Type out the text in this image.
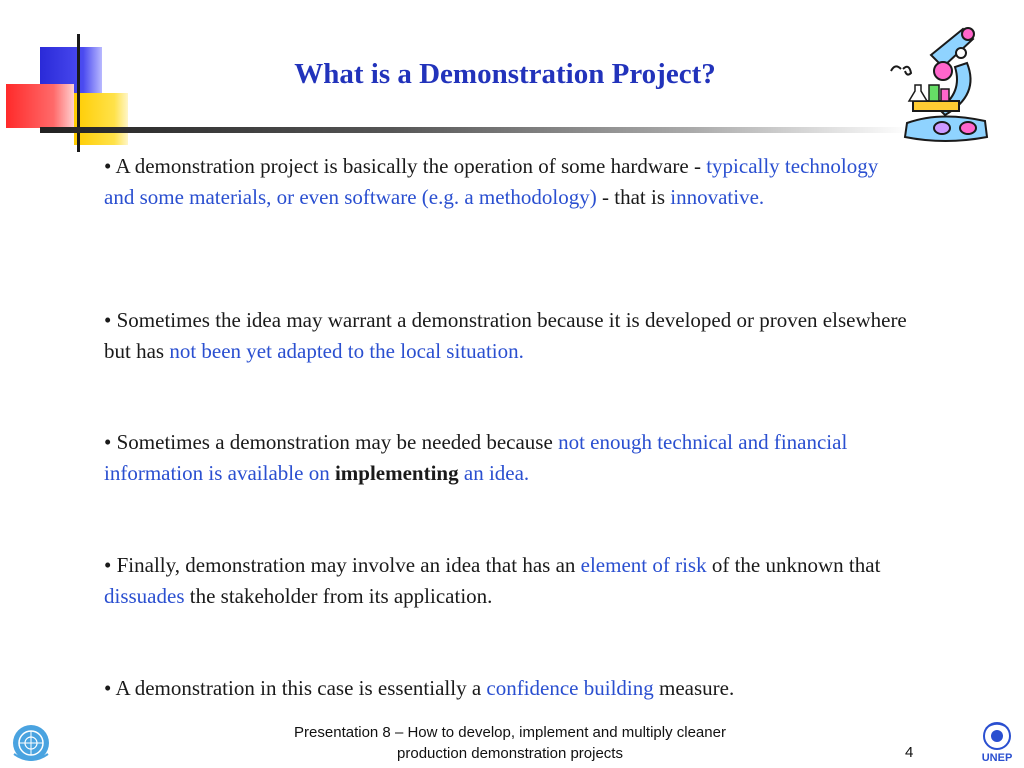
What is a Demonstration Project?
• A demonstration project is basically the operation of some hardware - typically technology and some materials, or even software (e.g. a methodology) - that is innovative.
• Sometimes the idea may warrant a demonstration because it is developed or proven elsewhere but has not been yet adapted to the local situation.
• Sometimes a demonstration may be needed because not enough technical and financial information is available on implementing an idea.
• Finally, demonstration may involve an idea that has an element of risk of the unknown that dissuades the stakeholder from its application.
• A demonstration in this case is essentially a confidence building measure.
Presentation 8 – How to develop, implement and multiply cleaner
production demonstration projects	4	UNEP
